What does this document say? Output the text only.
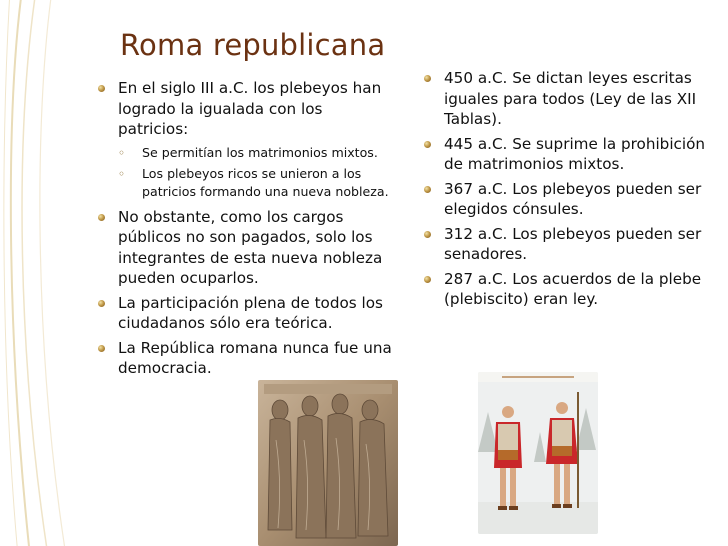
Roma republicana
En el siglo III a.C. los plebeyos han logrado la igualada con los patricios:
◦ Se permitían los matrimonios mixtos.
◦ Los plebeyos ricos se unieron a los patricios formando una nueva nobleza.
No obstante, como los cargos públicos no son pagados, solo los integrantes de esta nueva nobleza pueden ocuparlos.
La participación plena de todos los ciudadanos sólo era teórica.
La República romana nunca fue una democracia.
450 a.C. Se dictan leyes escritas iguales para todos (Ley de las XII Tablas).
445 a.C. Se suprime la prohibición de matrimonios mixtos.
367 a.C. Los plebeyos pueden ser elegidos cónsules.
312 a.C. Los plebeyos pueden ser senadores.
287 a.C. Los acuerdos de la plebe (plebiscito) eran ley.
